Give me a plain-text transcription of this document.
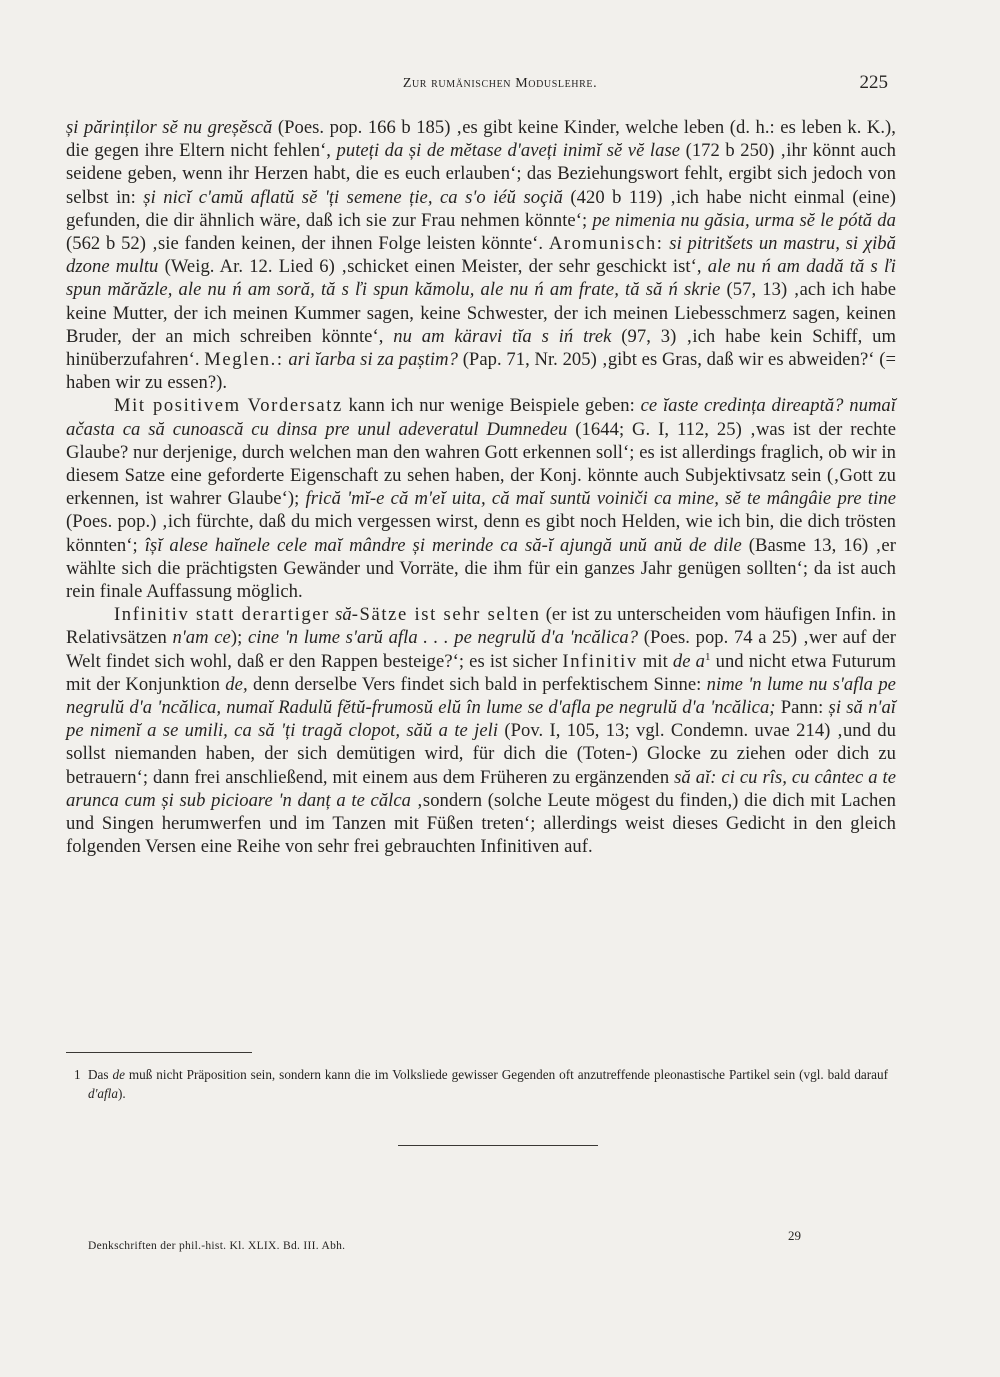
Zur rumänischen Moduslehre.	225

și părinților sĕ nu greșĕscă (Poes. pop. 166 b 185) ‚es gibt keine Kinder, welche leben (d. h.: es leben k. K.), die gegen ihre Eltern nicht fehlen‘, puteți da și de mĕtase d'aveți inimĭ sĕ vĕ lase (172 b 250) ‚ihr könnt auch seidene geben, wenn ihr Herzen habt, die es euch erlauben‘; das Beziehungswort fehlt, ergibt sich jedoch von selbst in: și nicĭ c'amŭ aflatŭ sĕ 'ți semene ție, ca s'o iéŭ soçiă (420 b 119) ‚ich habe nicht einmal (eine) gefunden, die dir ähnlich wäre, daß ich sie zur Frau nehmen könnte‘; pe nimenia nu găsia, urma sĕ le pótă da (562 b 52) ‚sie fanden keinen, der ihnen Folge leisten könnte‘. Aromunisch: si pitritšets un mastru, si χibă dzone multu (Weig. Ar. 12. Lied 6) ‚schicket einen Meister, der sehr geschickt ist‘, ale nu ń am dadă tă s ľi spun mărăzle, ale nu ń am soră, tă s ľi spun kămolu, ale nu ń am frate, tă să ń skrie (57, 13) ‚ach ich habe keine Mutter, der ich meinen Kummer sagen, keine Schwester, der ich meinen Liebesschmerz sagen, keinen Bruder, der an mich schreiben könnte‘, nu am käravi tĭa s iń trek (97, 3) ‚ich habe kein Schiff, um hinüberzufahren‘. Meglen.: ari ĭarba si za paștim? (Pap. 71, Nr. 205) ‚gibt es Gras, daß wir es abweiden?‘ (= haben wir zu essen?).

Mit positivem Vordersatz kann ich nur wenige Beispiele geben: ce ĭaste credința direaptă? numaĭ ačasta ca să cunoască cu dinsa pre unul adeveratul Dumnedeu (1644; G. I, 112, 25) ‚was ist der rechte Glaube? nur derjenige, durch welchen man den wahren Gott erkennen soll‘; es ist allerdings fraglich, ob wir in diesem Satze eine geforderte Eigenschaft zu sehen haben, der Konj. könnte auch Subjektivsatz sein (‚Gott zu erkennen, ist wahrer Glaube‘); frică 'mĭ-e că m'eĭ uita, că maĭ suntŭ voiniči ca mine, sĕ te mângâie pre tine (Poes. pop.) ‚ich fürchte, daß du mich vergessen wirst, denn es gibt noch Helden, wie ich bin, die dich trösten könnten‘; îșĭ alese haĭnele cele maĭ mândre și merinde ca să-ĭ ajungă unŭ anŭ de dile (Basme 13, 16) ‚er wählte sich die prächtigsten Gewänder und Vorräte, die ihm für ein ganzes Jahr genügen sollten‘; da ist auch rein finale Auffassung möglich.

Infinitiv statt derartiger să-Sätze ist sehr selten (er ist zu unterscheiden vom häufigen Infin. in Relativsätzen n'am ce); cine 'n lume s'arŭ afla . . . pe negrulŭ d'a 'ncălica? (Poes. pop. 74 a 25) ‚wer auf der Welt findet sich wohl, daß er den Rappen besteige?‘; es ist sicher Infinitiv mit de $a^1$ und nicht etwa Futurum mit der Konjunktion de, denn derselbe Vers findet sich bald in perfektischem Sinne: nime 'n lume nu s'afla pe negrulŭ d'a 'ncălica, numaĭ Radulŭ fĕtŭ-frumosŭ elŭ în lume se d'afla pe negrulŭ d'a 'ncălica; Pann: și să n'aĭ pe nimenĭ a se umili, ca să 'ți tragă clopot, săŭ a te jeli (Pov. I, 105, 13; vgl. Condemn. uvae 214) ‚und du sollst niemanden haben, der sich demütigen wird, für dich die (Toten-) Glocke zu ziehen oder dich zu betrauern‘; dann frei anschließend, mit einem aus dem Früheren zu ergänzenden să aĭ: ci cu rîs, cu cântec a te arunca cum și sub picioare 'n danț a te călca ‚sondern (solche Leute mögest du finden,) die dich mit Lachen und Singen herumwerfen und im Tanzen mit Füßen treten‘; allerdings weist dieses Gedicht in den gleich folgenden Versen eine Reihe von sehr frei gebrauchten Infinitiven auf.

1 Das de muß nicht Präposition sein, sondern kann die im Volksliede gewisser Gegenden oft anzutreffende pleonastische Partikel sein (vgl. bald darauf d'afla).
29
Denkschriften der phil.-hist. Kl. XLIX. Bd. III. Abh.
